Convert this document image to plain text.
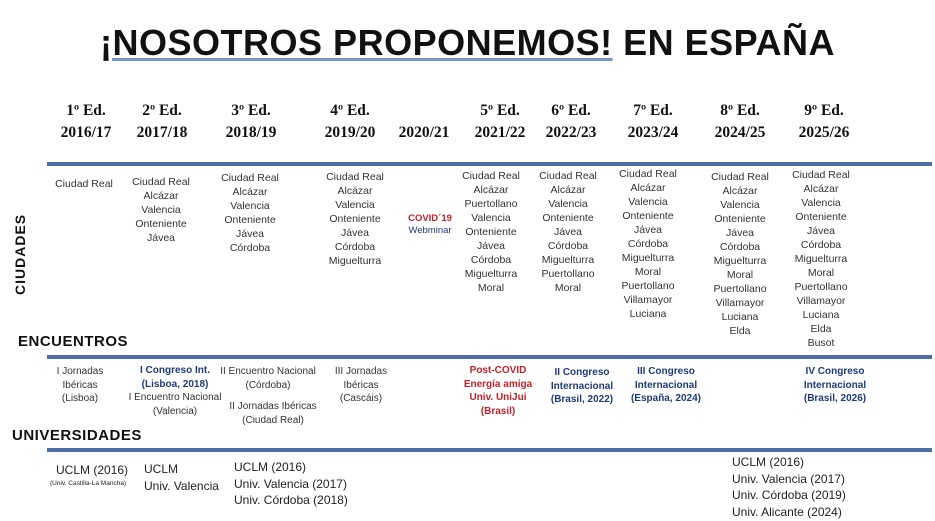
¡NOSOTROS PROPONEMOS! EN ESPAÑA
1º Ed.
2016/17
2º Ed.
2017/18
3º Ed.
2018/19
4º Ed.
2019/20	2020/21
5º Ed.
2021/22
6º Ed.
2022/23
7º Ed.
2023/24
8º Ed.
2024/25
9º Ed.
2025/26
CIUDADES
ENCUENTROS
UNIVERSIDADES
Ciudad Real	Ciudad Real
Alcázar
Valencia
Onteniente
Jávea
Ciudad Real
Alcázar
Valencia
Onteniente
Jávea
Córdoba
Ciudad Real
Alcázar
Valencia
Onteniente
Jávea
Córdoba
Miguelturra
Ciudad Real
Alcázar
Puertollano
Valencia
Onteniente
Jávea
Córdoba
Miguelturra
Moral
Ciudad Real
Alcázar
Valencia
Onteniente
Jávea
Córdoba
Miguelturra
Puertollano
Moral
Ciudad Real
Alcázar
Valencia
Onteniente
Jávea
Córdoba
Miguelturra
Moral
Puertollano
Villamayor
Luciana
Ciudad Real
Alcázar
Valencia
Onteniente
Jávea
Córdoba
Miguelturra
Moral
Puertollano
Villamayor
Luciana
Elda
Ciudad Real
Alcázar
Valencia
Onteniente
Jávea
Córdoba
Miguelturra
Moral
Puertollano
Villamayor
Luciana
Elda
Busot
COVID´19
Webminar
I Jornadas
Ibéricas
(Lisboa)
I Congreso Int.
(Lisboa, 2018)
I Encuentro Nacional
(Valencia)
II Encuentro Nacional
(Córdoba)
II Jornadas Ibéricas
(Ciudad Real)
III Jornadas
Ibéricas
(Cascáis)
Post-COVID
Energía amiga
Univ. UniJui
(Brasil)
II Congreso
Internacional
(Brasil, 2022)
III Congreso
Internacional
(España, 2024)
IV Congreso
Internacional
(Brasil, 2026)
UCLM (2016)
(Univ. Castilla-La Mancha)
UCLM
Univ. Valencia
UCLM (2016)
Univ. Valencia (2017)
Univ. Córdoba (2018)
UCLM (2016)
Univ. Valencia (2017)
Univ. Córdoba (2019)
Univ. Alicante (2024)
